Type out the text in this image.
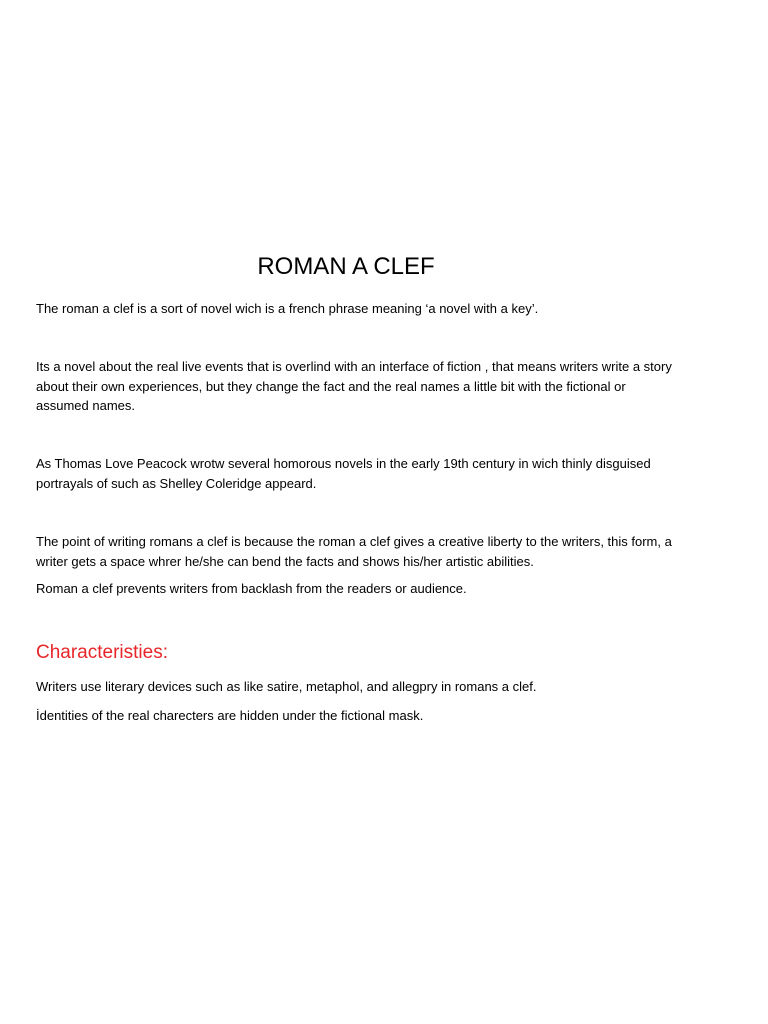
ROMAN A CLEF

The roman a clef is a sort of novel wich is a french phrase meaning ‘a novel with a key’.

Its a novel about the real live events that is overlind with an interface of fiction , that means writers write a story about their own experiences, but they change the fact and the real names a little bit with the fictional or assumed names.

As Thomas Love Peacock wrotw several homorous novels in the early 19th century in wich thinly disguised portrayals of such as Shelley Coleridge appeard.

The point of writing romans a clef is because the roman a clef gives a creative liberty to the writers, this form, a writer gets a space whrer he/she can bend the facts and shows his/her artistic abilities.

Roman a clef prevents writers from backlash from the readers or audience.

Characteristies:

Writers use literary devices such as like satire, metaphol, and allegpry in romans a clef.

İdentities of the real charecters are hidden under the fictional mask.
